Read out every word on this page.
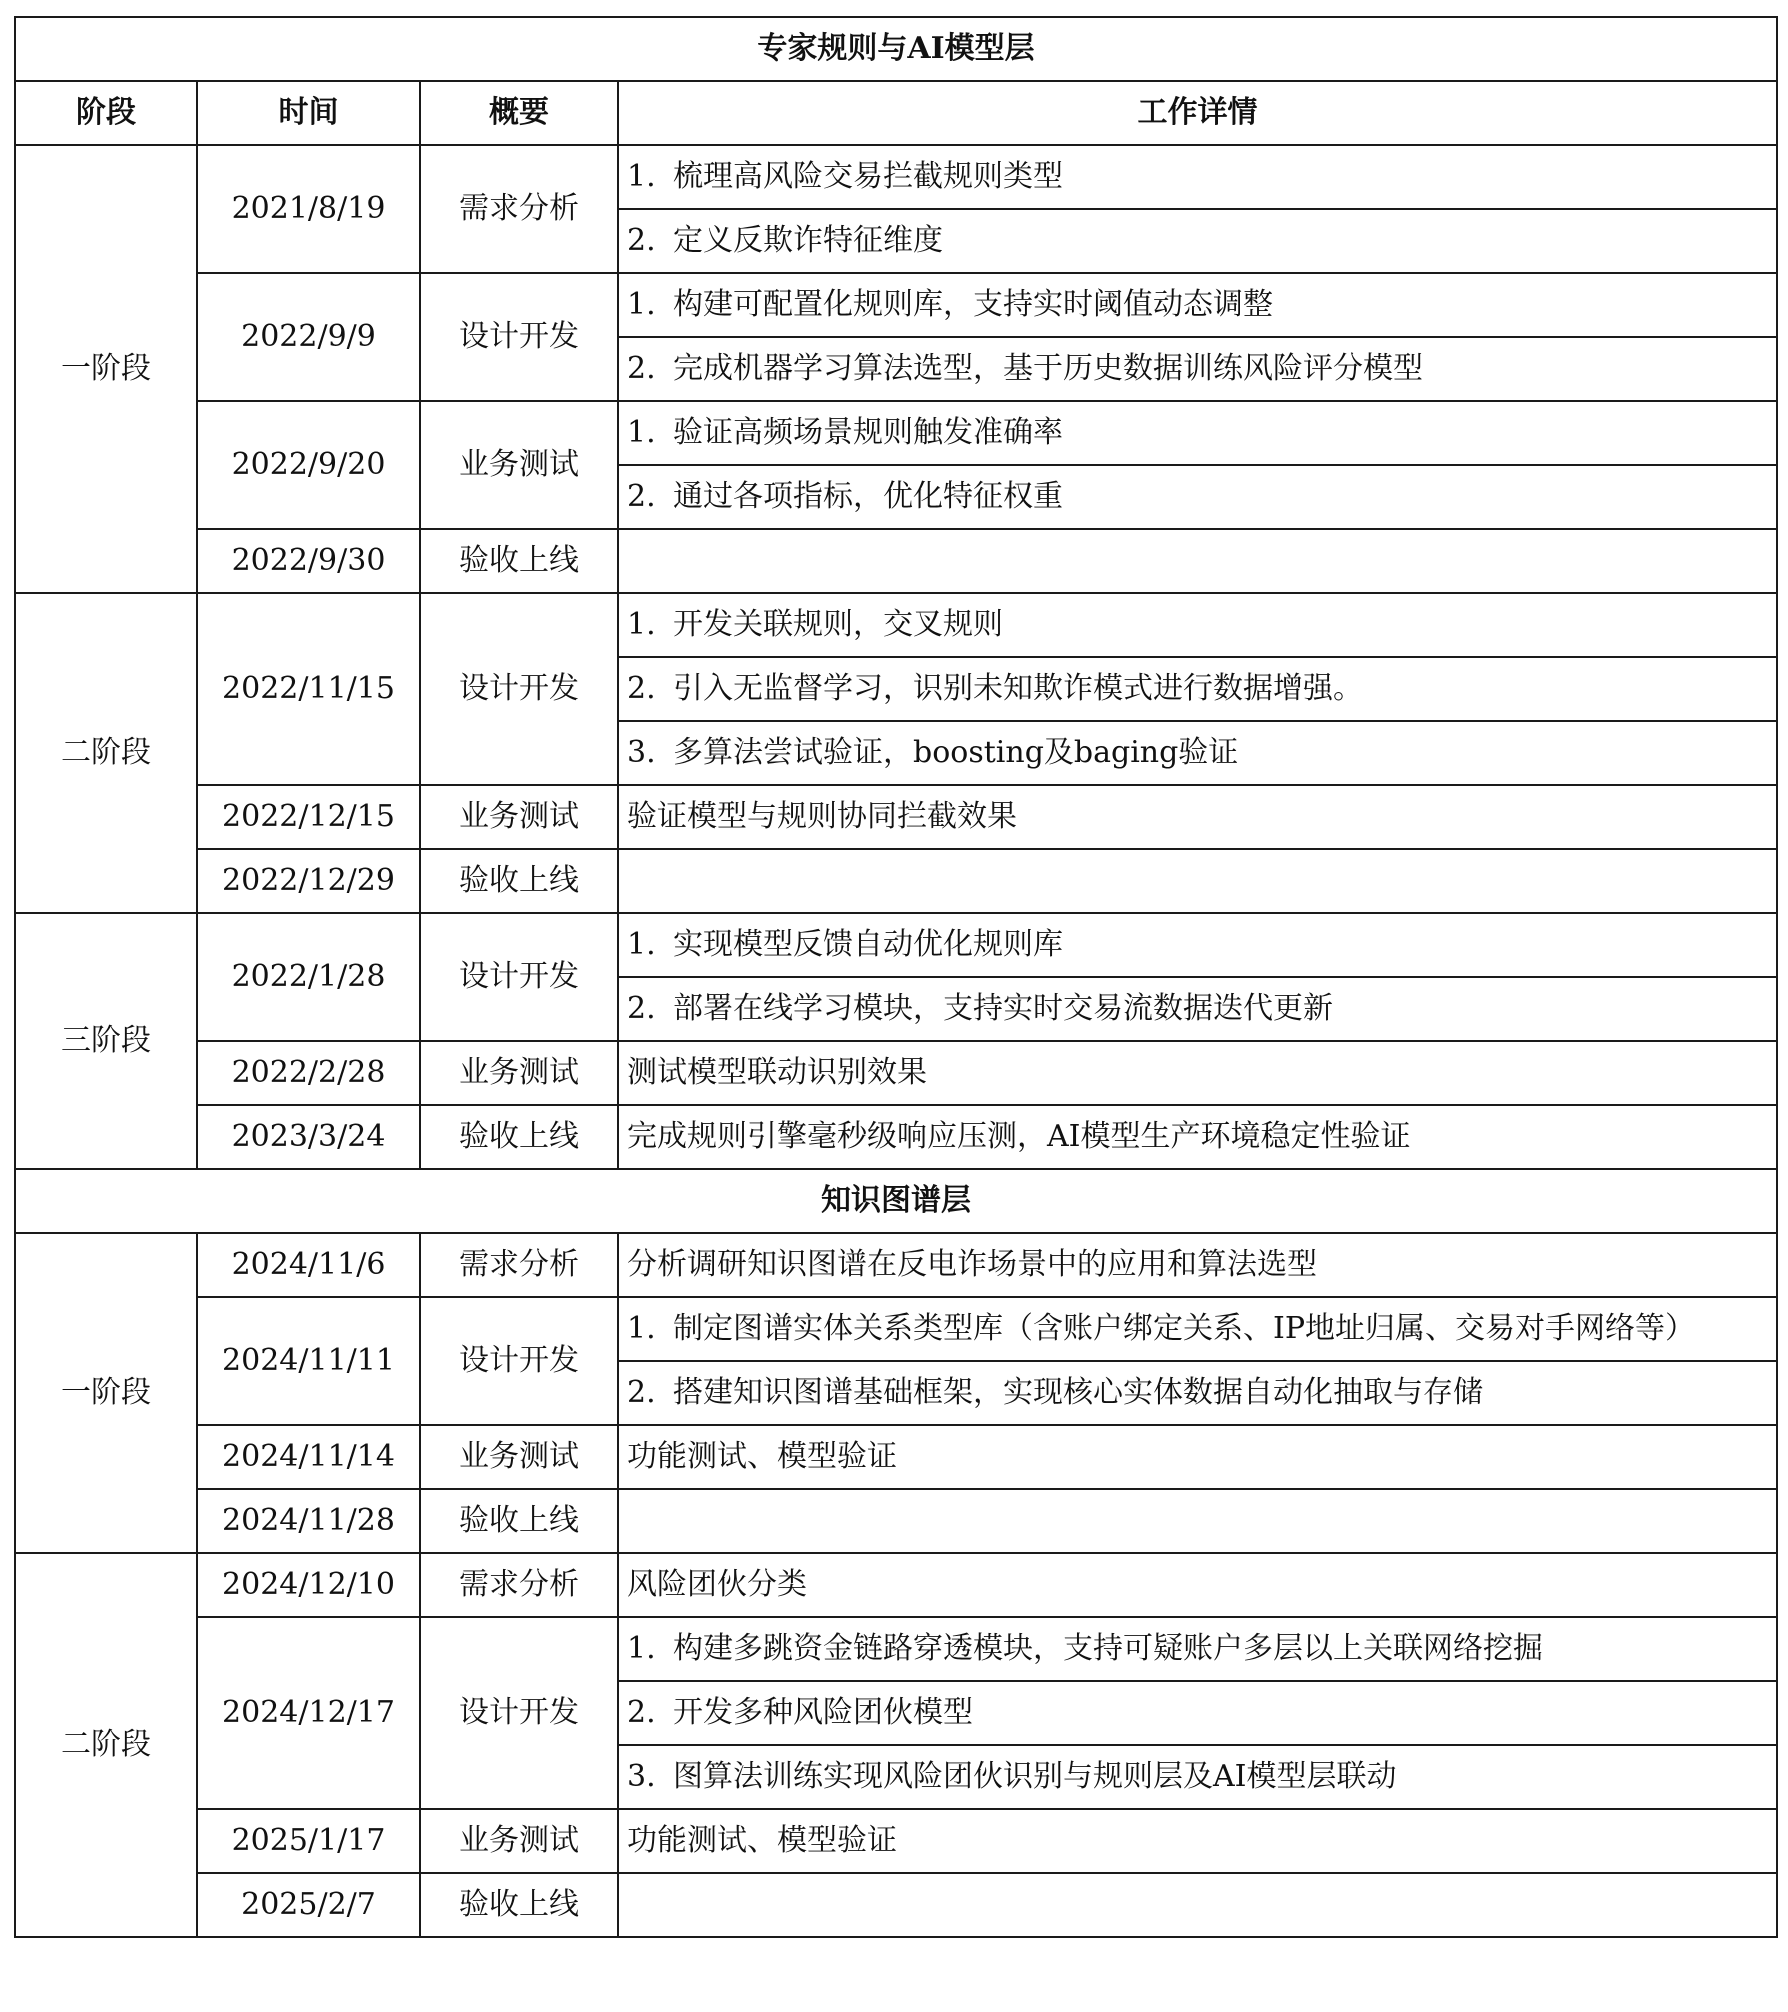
专家规则与AI模型层			
阶段	时间	概要	工作详情
一阶段	2021/8/19	需求分析	1. 梳理高风险交易拦截规则类型
			2. 定义反欺诈特征维度
	2022/9/9	设计开发	1. 构建可配置化规则库，支持实时阈值动态调整
			2. 完成机器学习算法选型，基于历史数据训练风险评分模型
	2022/9/20	业务测试	1. 验证高频场景规则触发准确率
			2. 通过各项指标，优化特征权重
	2022/9/30	验收上线	
二阶段	2022/11/15	设计开发	1. 开发关联规则，交叉规则
			2. 引入无监督学习，识别未知欺诈模式进行数据增强。
			3. 多算法尝试验证，boosting及baging验证
	2022/12/15	业务测试	验证模型与规则协同拦截效果
	2022/12/29	验收上线	
三阶段	2022/1/28	设计开发	1. 实现模型反馈自动优化规则库
			2. 部署在线学习模块，支持实时交易流数据迭代更新
	2022/2/28	业务测试	测试模型联动识别效果
	2023/3/24	验收上线	完成规则引擎毫秒级响应压测，AI模型生产环境稳定性验证
知识图谱层			
一阶段	2024/11/6	需求分析	分析调研知识图谱在反电诈场景中的应用和算法选型
	2024/11/11	设计开发	1. 制定图谱实体关系类型库（含账户绑定关系、IP地址归属、交易对手网络等）
			2. 搭建知识图谱基础框架，实现核心实体数据自动化抽取与存储
	2024/11/14	业务测试	功能测试、模型验证
	2024/11/28	验收上线	
二阶段	2024/12/10	需求分析	风险团伙分类
	2024/12/17	设计开发	1. 构建多跳资金链路穿透模块，支持可疑账户多层以上关联网络挖掘
			2. 开发多种风险团伙模型
			3. 图算法训练实现风险团伙识别与规则层及AI模型层联动
	2025/1/17	业务测试	功能测试、模型验证
	2025/2/7	验收上线	
